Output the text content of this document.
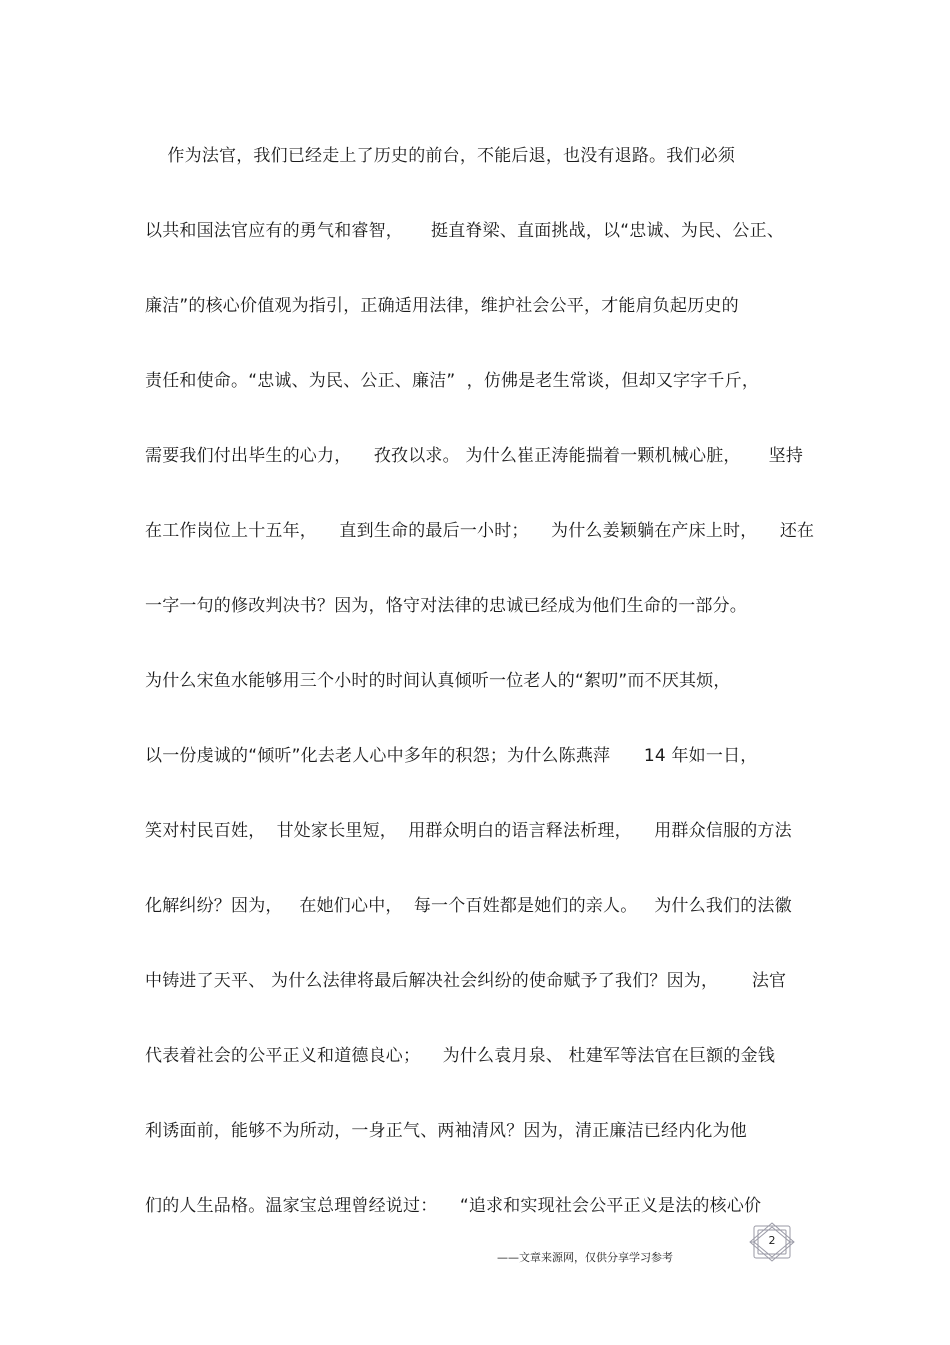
作为法官，我们已经走上了历史的前台，不能后退，也没有退路。我们必须
以共和国法官应有的勇气和睿智，     挺直脊梁、直面挑战，以“忠诚、为民、公正、
廉洁”的核心价值观为指引，正确适用法律，维护社会公平，才能肩负起历史的
责任和使命。“忠诚、为民、公正、廉洁”  ，仿佛是老生常谈，但却又字字千斤，
需要我们付出毕生的心力，    孜孜以求。 为什么崔正涛能揣着一颗机械心脏，     坚持
在工作岗位上十五年，    直到生命的最后一小时；    为什么姜颖躺在产床上时，    还在
一字一句的修改判决书？因为，恪守对法律的忠诚已经成为他们生命的一部分。
为什么宋鱼水能够用三个小时的时间认真倾听一位老人的“絮叨”而不厌其烦，
以一份虔诚的“倾听”化去老人心中多年的积怨；为什么陈燕萍      14 年如一日，
笑对村民百姓，  甘处家长里短，  用群众明白的语言释法析理，    用群众信服的方法
化解纠纷？因为，   在她们心中，  每一个百姓都是她们的亲人。   为什么我们的法徽
中铸进了天平、 为什么法律将最后解决社会纠纷的使命赋予了我们？因为，      法官
代表着社会的公平正义和道德良心；    为什么袁月泉、 杜建军等法官在巨额的金钱
利诱面前，能够不为所动，一身正气、两袖清风？因为，清正廉洁已经内化为他
们的人生品格。温家宝总理曾经说过：    “追求和实现社会公平正义是法的核心价
2
——文章来源网，仅供分享学习参考
